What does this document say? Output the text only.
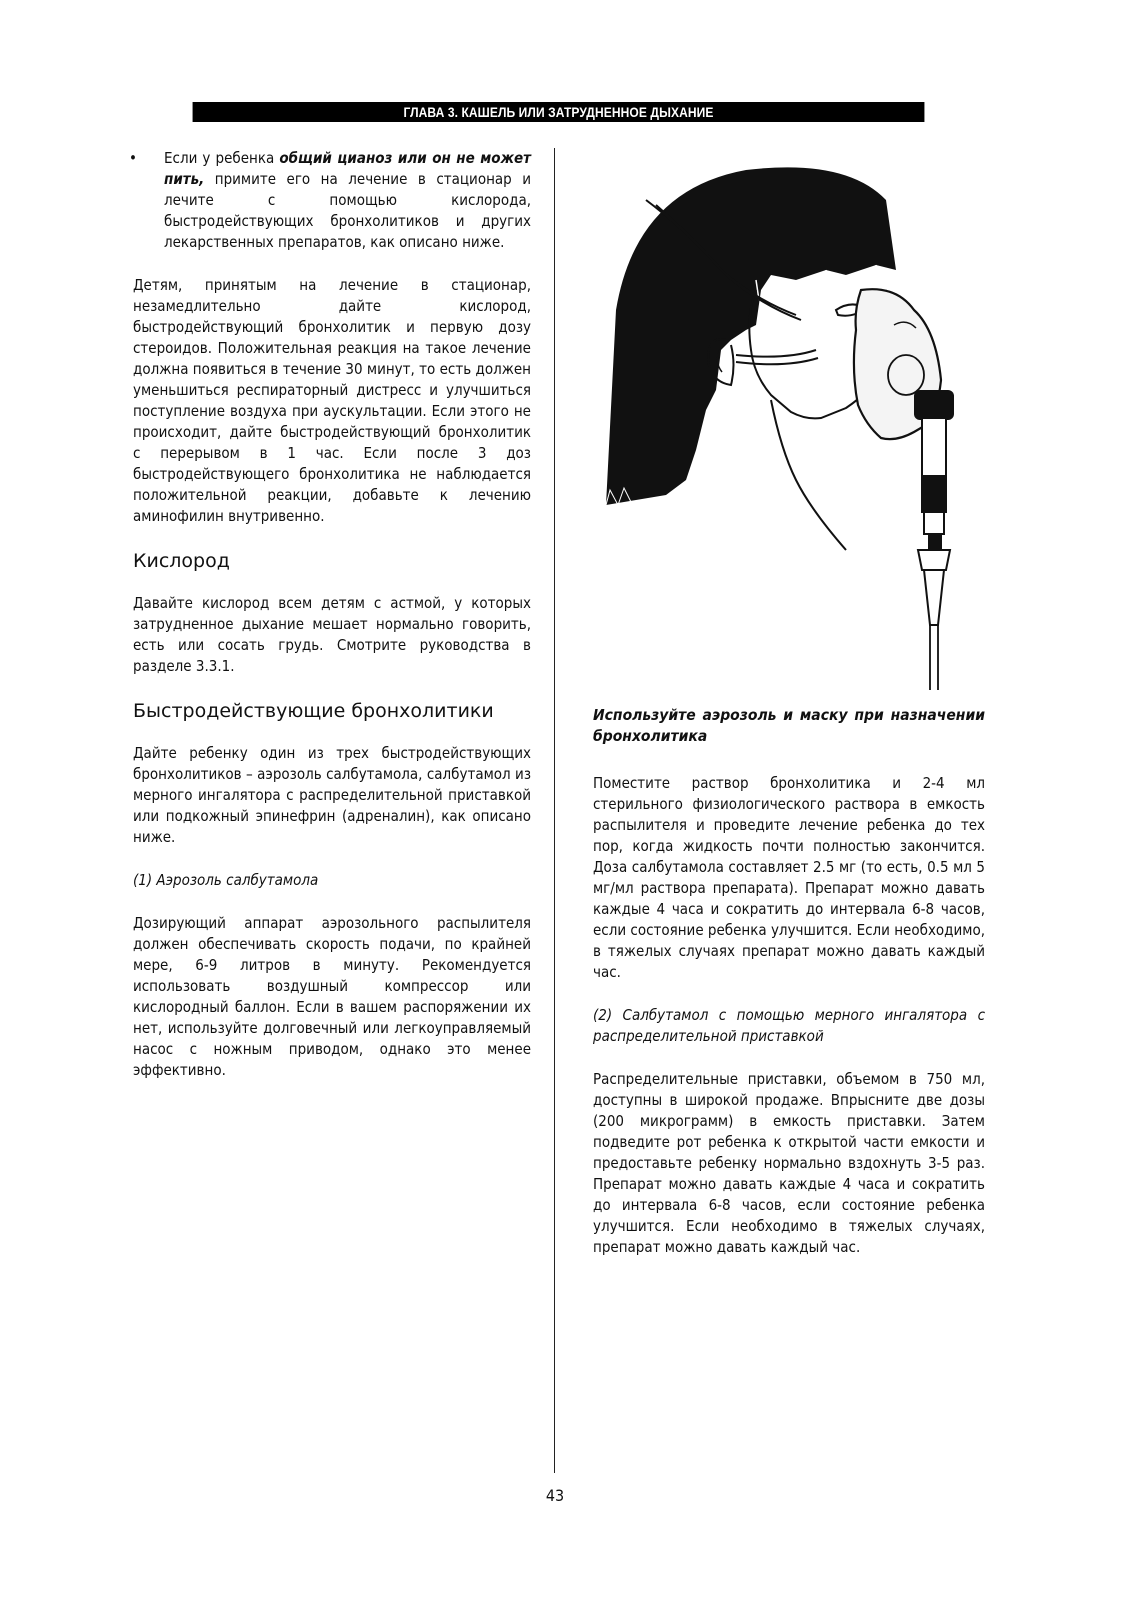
ГЛАВА 3. КАШЕЛЬ ИЛИ ЗАТРУДНЕННОЕ ДЫХАНИЕ
• Если у ребенка общий цианоз или он не может пить, примите его на лечение в стационар и лечите с помощью кислорода, быстродействующих бронхолитиков и других лекарственных препаратов, как описано ниже.

Детям, принятым на лечение в стационар, незамедлительно дайте кислород, быстродействующий бронхолитик и первую дозу стероидов. Положительная реакция на такое лечение должна появиться в течение 30 минут, то есть должен уменьшиться респираторный дистресс и улучшиться поступление воздуха при аускультации. Если этого не происходит, дайте быстродействующий бронхолитик с перерывом в 1 час. Если после 3 доз быстродействующего бронхолитика не наблюдается положительной реакции, добавьте к лечению аминофилин внутривенно.

Кислород

Давайте кислород всем детям с астмой, у которых затрудненное дыхание мешает нормально говорить, есть или сосать грудь. Смотрите руководства в разделе 3.3.1.

Быстродействующие бронхолитики

Дайте ребенку один из трех быстродействующих бронхолитиков – аэрозоль салбутамола, салбутамол из мерного ингалятора с распределительной приставкой или подкожный эпинефрин (адреналин), как описано ниже.

(1) Аэрозоль салбутамола

Дозирующий аппарат аэрозольного распылителя должен обеспечивать скорость подачи, по крайней мере, 6-9 литров в минуту. Рекомендуется использовать воздушный компрессор или кислородный баллон. Если в вашем распоряжении их нет, используйте долговечный или легкоуправляемый насос с ножным приводом, однако это менее эффективно.

Используйте аэрозоль и маску при назначении бронхолитика

Поместите раствор бронхолитика и 2-4 мл стерильного физиологического раствора в емкость распылителя и проведите лечение ребенка до тех пор, когда жидкость почти полностью закончится. Доза салбутамола составляет 2.5 мг (то есть, 0.5 мл 5 мг/мл раствора препарата). Препарат можно давать каждые 4 часа и сократить до интервала 6-8 часов, если состояние ребенка улучшится. Если необходимо, в тяжелых случаях препарат можно давать каждый час.

(2) Салбутамол с помощью мерного ингалятора с распределительной приставкой

Распределительные приставки, объемом в 750 мл, доступны в широкой продаже. Впрысните две дозы (200 микрограмм) в емкость приставки. Затем подведите рот ребенка к открытой части емкости и предоставьте ребенку нормально вздохнуть 3-5 раз. Препарат можно давать каждые 4 часа и сократить до интервала 6-8 часов, если состояние ребенка улучшится. Если необходимо в тяжелых случаях, препарат можно давать каждый час.

43
